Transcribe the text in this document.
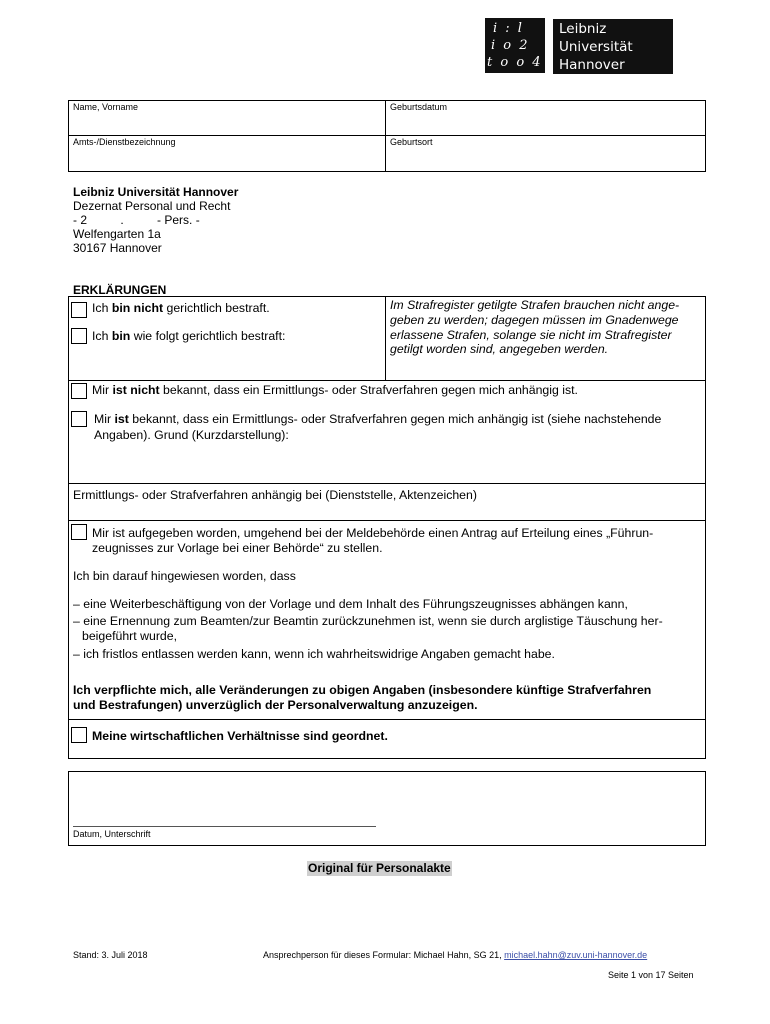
i : l
i o 2
t o o 4
Leibniz
Universität
Hannover
Name, Vorname	Geburtsdatum
Amts-/Dienstbezeichnung	Geburtsort
Leibniz Universität Hannover
Dezernat Personal und Recht
- 2          .          - Pers. -
Welfengarten 1a
30167 Hannover
ERKLÄRUNGEN
Ich bin nicht gerichtlich bestraft.
Ich bin wie folgt gerichtlich bestraft:
Im Strafregister getilgte Strafen brauchen nicht ange-
geben zu werden; dagegen müssen im Gnadenwege
erlassene Strafen, solange sie nicht im Strafregister
getilgt worden sind, angegeben werden.
Mir ist nicht bekannt, dass ein Ermittlungs- oder Strafverfahren gegen mich anhängig ist.
Mir ist bekannt, dass ein Ermittlungs- oder Strafverfahren gegen mich anhängig ist (siehe nachstehende
Angaben). Grund (Kurzdarstellung):
Ermittlungs- oder Strafverfahren anhängig bei (Dienststelle, Aktenzeichen)
Mir ist aufgegeben worden, umgehend bei der Meldebehörde einen Antrag auf Erteilung eines „Führun-
zeugnisses zur Vorlage bei einer Behörde“ zu stellen.
Ich bin darauf hingewiesen worden, dass
– eine Weiterbeschäftigung von der Vorlage und dem Inhalt des Führungszeugnisses abhängen kann,
– eine Ernennung zum Beamten/zur Beamtin zurückzunehmen ist, wenn sie durch arglistige Täuschung her-
beigeführt wurde,
– ich fristlos entlassen werden kann, wenn ich wahrheitswidrige Angaben gemacht habe.
Ich verpflichte mich, alle Veränderungen zu obigen Angaben (insbesondere künftige Strafverfahren
und Bestrafungen) unverzüglich der Personalverwaltung anzuzeigen.
Meine wirtschaftlichen Verhältnisse sind geordnet.
Datum, Unterschrift
Original für Personalakte
Stand: 3. Juli 2018	Ansprechperson für dieses Formular: Michael Hahn, SG 21, michael.hahn@zuv.uni-hannover.de
Seite 1 von 17 Seiten
